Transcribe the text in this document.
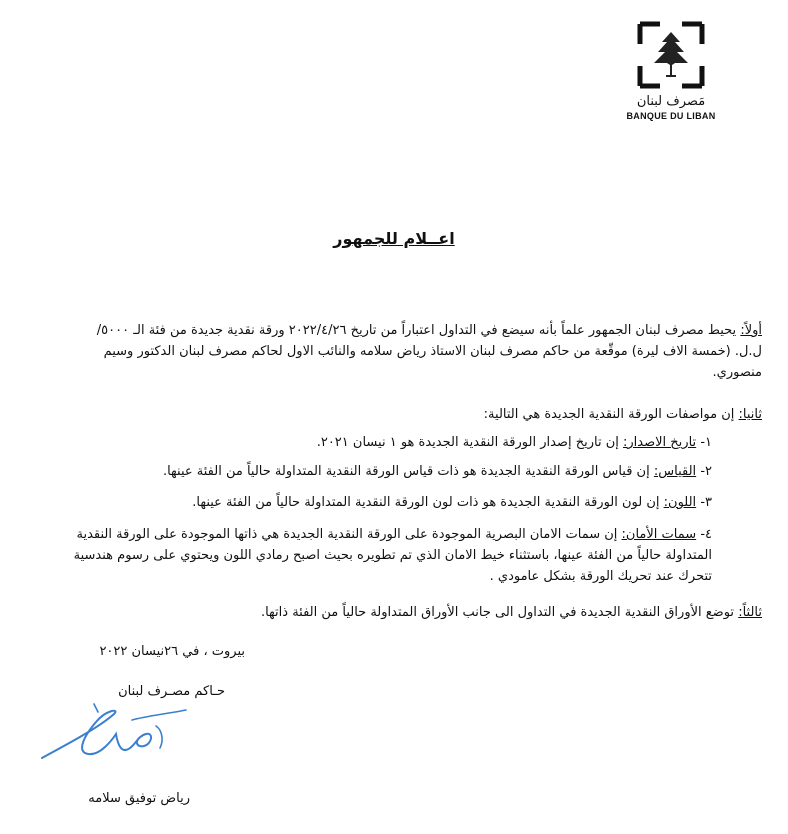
مَصرف لبنان
BANQUE DU LIBAN
اعــلام للجمهور
أولاً: يحيط مصرف لبنان الجمهور علماً بأنه سيضع في التداول اعتباراً من تاريخ ٢٠٢٢/٤/٢٦ ورقة نقدية جديدة من فئة الـ ٥٠٠٠/ ل.ل. (خمسة الاف ليرة) موقّعة من حاكم مصرف لبنان الاستاذ رياض سلامه والنائب الاول لحاكم مصرف لبنان الدكتور وسيم منصوري.
ثانيا: إن مواصفات الورقة النقدية الجديدة هي التالية:
١- تاريخ الاصدار: إن تاريخ إصدار الورقة النقدية الجديدة هو ١ نيسان ٢٠٢١.
٢- القياس: إن قياس الورقة النقدية الجديدة هو ذات قياس الورقة النقدية المتداولة حالياً من الفئة عينها.
٣- اللون: إن لون الورقة النقدية الجديدة هو ذات لون الورقة النقدية المتداولة حالياً من الفئة عينها.
٤- سمات الأمان: إن سمات الامان البصرية الموجودة على الورقة النقدية الجديدة هي ذاتها الموجودة على الورقة النقدية المتداولة حالياً من الفئة عينها، باستثناء خيط الامان الذي تم تطويره بحيث اصبح رمادي اللون ويحتوي على رسوم هندسية تتحرك عند تحريك الورقة بشكل عامودي .
ثالثاً: توضع الأوراق النقدية الجديدة في التداول الى جانب الأوراق المتداولة حالياً من الفئة ذاتها.
بيروت ، في ٢٦نيسان ٢٠٢٢
حـاكم مصـرف لبنان
رياض توفيق سلامه
